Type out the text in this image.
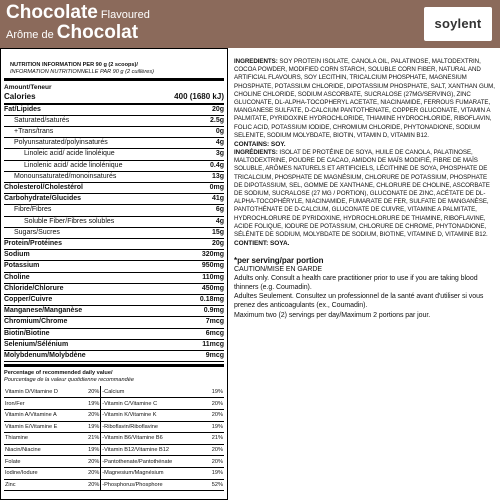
Chocolate Flavoured
Arôme de Chocolat	soylent
NUTRITION INFORMATION PER 90 g (2 scoops)/
INFORMATION NUTRITIONNELLE PAR 90 g (2 cuillères)
Amount/Teneur
Calories	400 (1680 kJ)
Fat/Lipides	20g
Saturated/saturés	2.5g
+Trans/trans	0g
Polyunsaturated/polyinsaturés	4g
Linoleic acid/ acide linoléique	3g
Linolenic acid/ acide linolénique	0.4g
Monounsaturated/monoinsaturés	13g
Cholesterol/Cholestérol	0mg
Carbohydrate/Glucides	41g
Fibre/Fibres	6g
Soluble Fiber/Fibres solubles	4g
Sugars/Sucres	15g
Protein/Protéines	20g
Sodium	320mg
Potassium	950mg
Choline	110mg
Chloride/Chlorure	450mg
Copper/Cuivre	0.18mg
Manganese/Manganèse	0.9mg
Chromium/Chrome	7mcg
Biotin/Biotine	6mcg
Selenium/Sélénium	11mcg
Molybdenum/Molybdène	9mcg
Percentage of recommended daily value/
Pourcentage de la valeur quotidienne recommandée
Vitamin D/Vitamine D	20%	-Calcium	19%
Iron/Fer	19%	-Vitamin C/Vitamine C	20%
Vitamin A/Vitamine A	20%	-Vitamin K/Vitamine K	20%
Vitamin E/Vitamine E	19%	-Riboflavin/Riboflavine	19%
Thiamine	21%	-Vitamin B6/Vitamine B6	21%
Niacin/Niacine	19%	-Vitamin B12/Vitamine B12	20%
Folate	20%	-Pantothenate/Pantothénate	20%
Iodine/Iodure	20%	-Magnesium/Magnésium	19%
Zinc	20%	-Phosphorus/Phosphore	52%

INGREDIENTS: SOY PROTEIN ISOLATE, CANOLA OIL, PALATINOSE, MALTODEXTRIN, COCOA POWDER, MODIFIED CORN STARCH, SOLUBLE CORN FIBER, NATURAL AND ARTIFICIAL FLAVOURS, SOY LECITHIN, TRICALCIUM PHOSPHATE, MAGNESIUM PHOSPHATE, POTASSIUM CHLORIDE, DIPOTASSIUM PHOSPHATE, SALT, XANTHAN GUM, CHOLINE CHLORIDE, SODIUM ASCORBATE, SUCRALOSE (27MG/SERVING), ZINC GLUCONATE, DL-ALPHA-TOCOPHERYL ACETATE, NIACINAMIDE, FERROUS FUMARATE, MANGANESE SULFATE, D-CALCIUM PANTOTHENATE, COPPER GLUCONATE, VITAMIN A PALMITATE, PYRIDOXINE HYDROCHLORIDE, THIAMINE HYDROCHLORIDE, RIBOFLAVIN, FOLIC ACID, POTASSIUM IODIDE, CHROMIUM CHLORIDE, PHYTONADIONE, SODIUM SELENITE, SODIUM MOLYBDATE, BIOTIN, VITAMIN D, VITAMIN B12.

CONTAINS: SOY.

INGRÉDIENTS: ISOLAT DE PROTÉINE DE SOYA, HUILE DE CANOLA, PALATINOSE, MALTODEXTRINE, POUDRE DE CACAO, AMIDON DE MAÏS MODIFIÉ, FIBRE DE MAÏS SOLUBLE, ARÔMES NATURELS ET ARTIFICIELS, LÉCITHINE DE SOYA, PHOSPHATE DE TRICALCIUM, PHOSPHATE DE MAGNÉSIUM, CHLORURE DE POTASSIUM, PHOSPHATE DE DIPOTASSIUM, SEL, GOMME DE XANTHANE, CHLORURE DE CHOLINE, ASCORBATE DE SODIUM, SUCRALOSE (27 MG / PORTION), GLUCONATE DE ZINC, ACÉTATE DE DL-ALPHA-TOCOPHÉRYLE, NIACINAMIDE, FUMARATE DE FER, SULFATE DE MANGANÈSE, PANTOTHÉNATE DE D-CALCIUM, GLUCONATE DE CUIVRE, VITAMINE A PALMITATE, HYDROCHLORURE DE PYRIDOXINE, HYDROCHLORURE DE THIAMINE, RIBOFLAVINE, ACIDE FOLIQUE, IODURE DE POTASSIUM, CHLORURE DE CHROME, PHYTONADIONE, SÉLÉNITE DE SODIUM, MOLYBDATE DE SODIUM, BIOTINE, VITAMINE D, VITAMINE B12.

CONTIENT: SOYA.

*per serving/par portion

CAUTION/MISE EN GARDE

Adults only. Consult a health care practitioner prior to use if you are taking blood thinners (e.g. Coumadin).

Adultes Seulement. Consultez un professionnel de la santé avant d'utiliser si vous prenez des anticoagulants (ex., Coumadin).

Maximum two (2) servings per day/Maximum 2 portions par jour.
